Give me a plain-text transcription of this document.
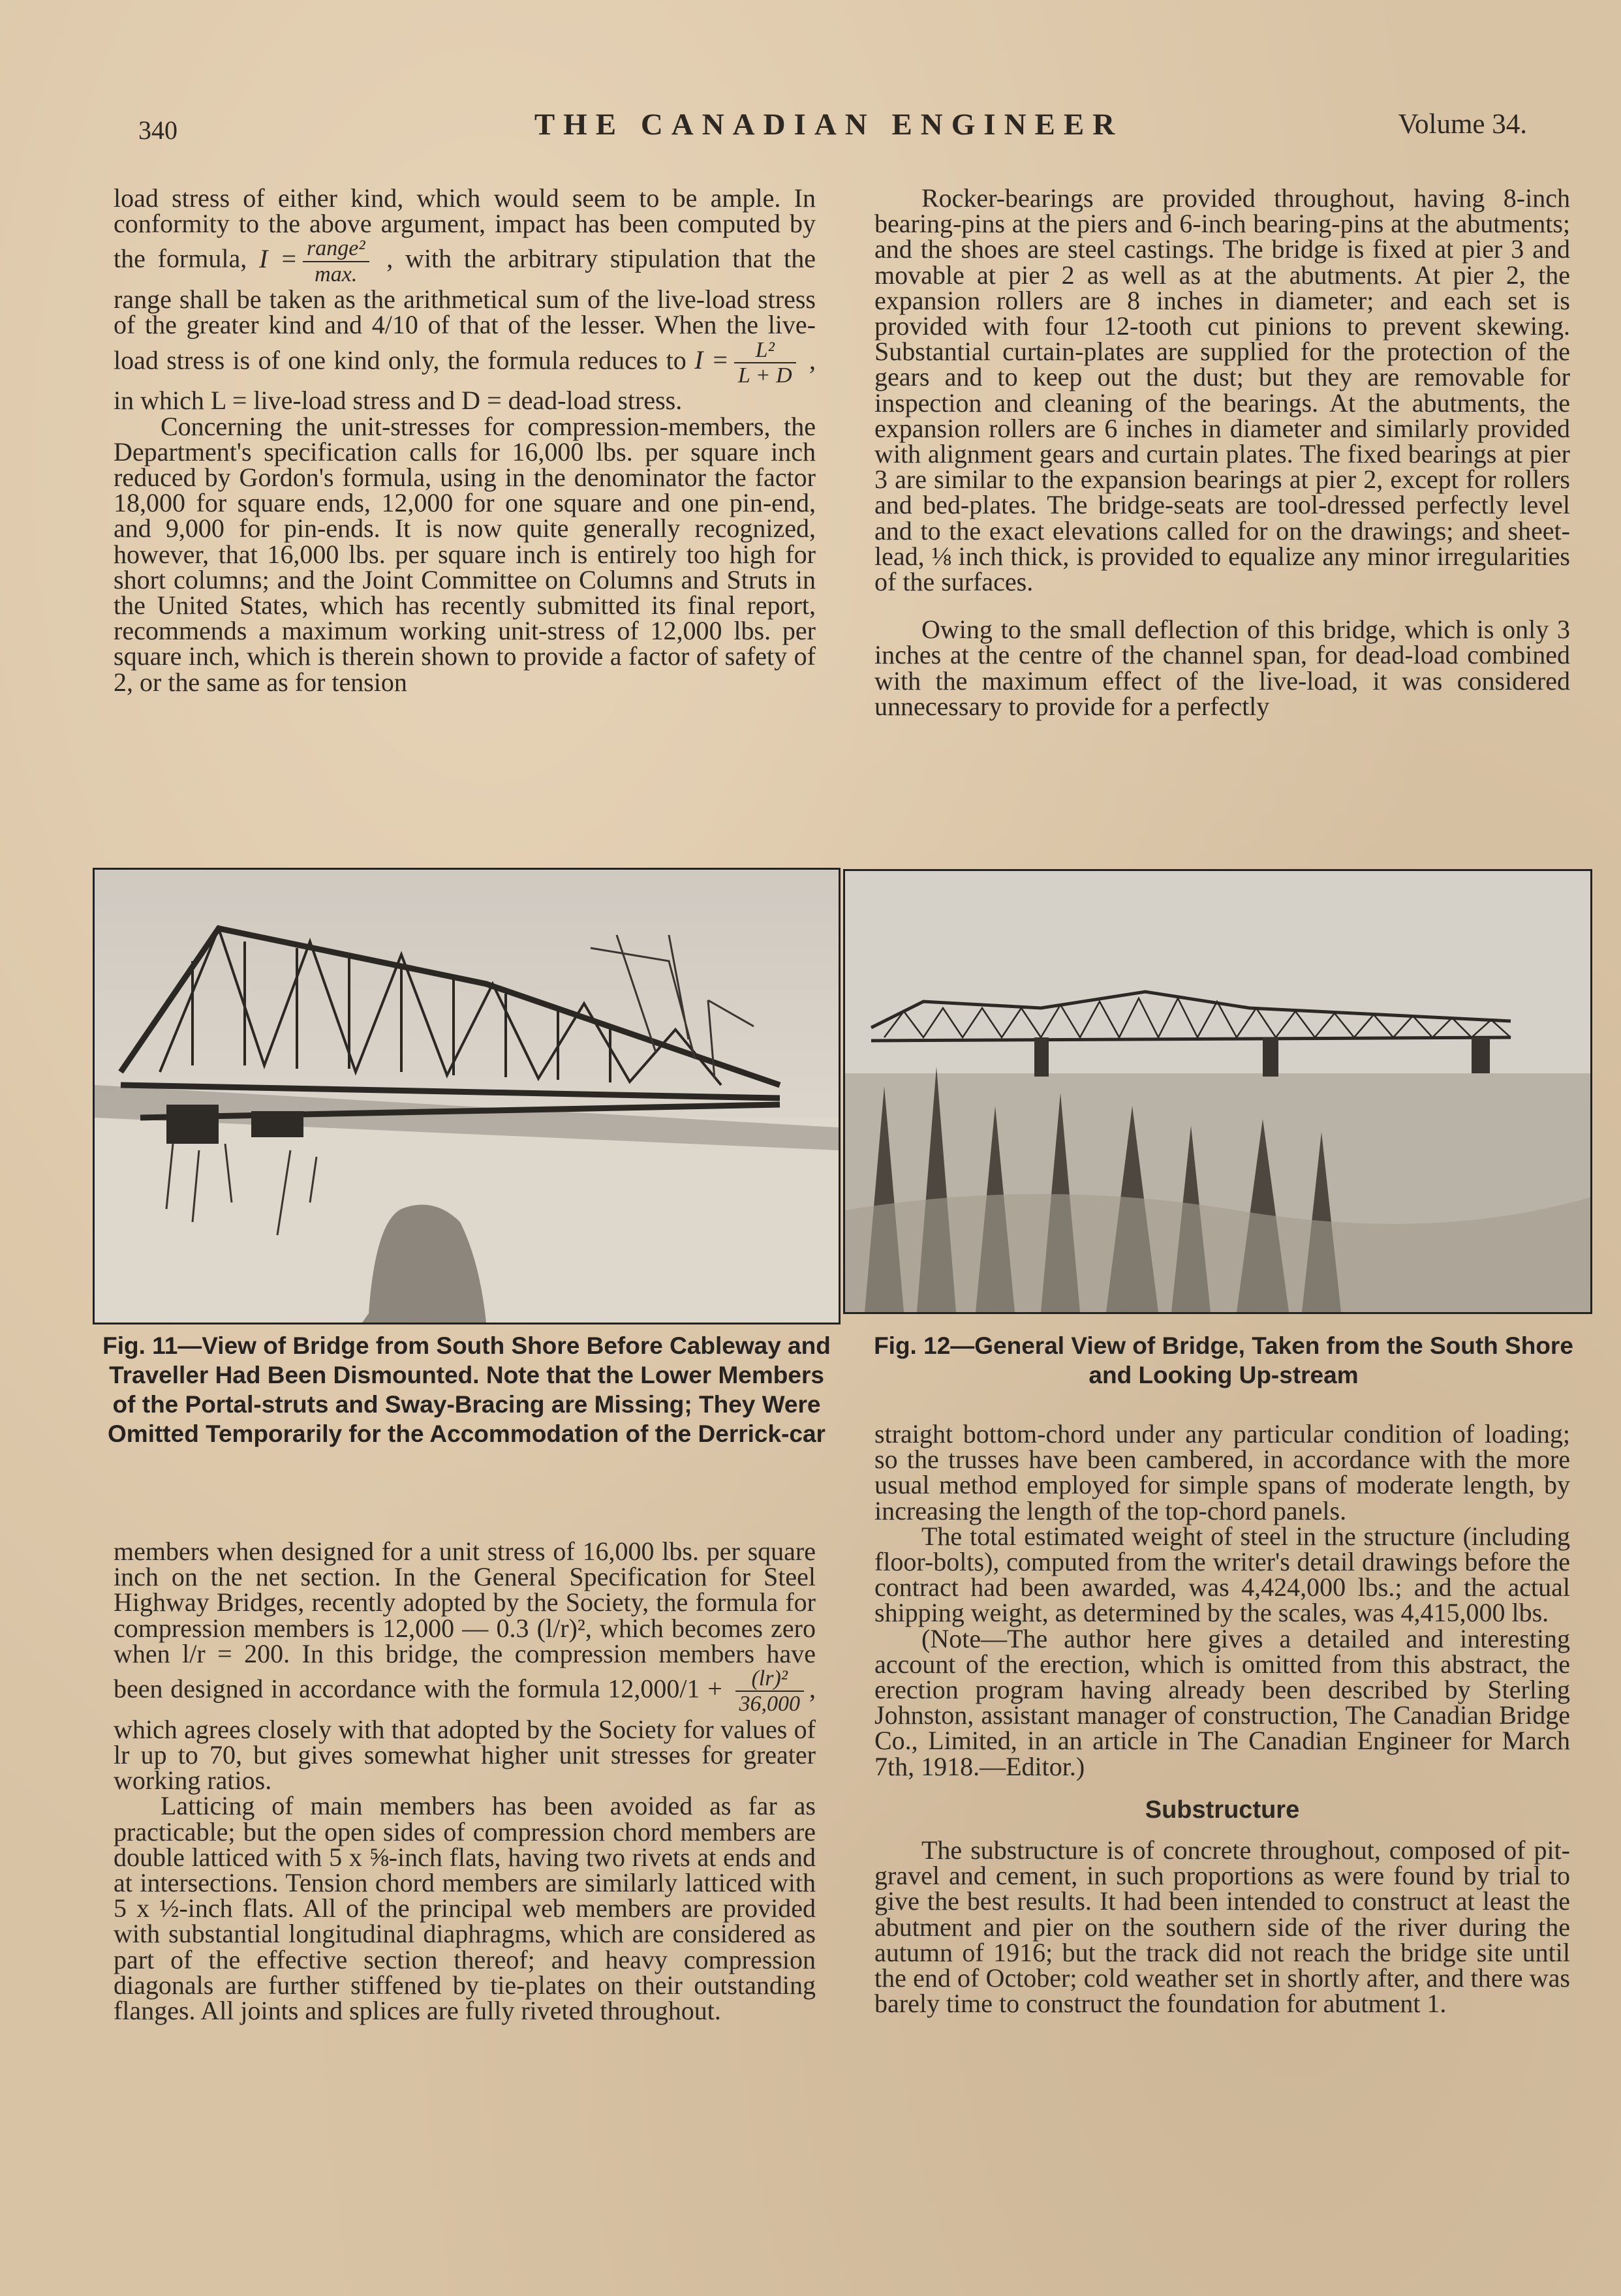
340	THE CANADIAN ENGINEER	Volume 34.

load stress of either kind, which would seem to be ample. In conformity to the above argument, impact has been computed by the formula, $I = \frac{\text{range²}}{\max.}$ , with the arbitrary stipulation that the range shall be taken as the arithmetical sum of the live-load stress of the greater kind and 4/10 of that of the lesser. When the live-load stress is of one kind only, the formula reduces to $I = \frac{\text{L²}}{L + D}$ , in which L = live-load stress and D = dead-load stress.

Concerning the unit-stresses for compression-members, the Department's specification calls for 16,000 lbs. per square inch reduced by Gordon's formula, using in the denominator the factor 18,000 for square ends, 12,000 for one square and one pin-end, and 9,000 for pin-ends. It is now quite generally recognized, however, that 16,000 lbs. per square inch is entirely too high for short columns; and the Joint Committee on Columns and Struts in the United States, which has recently submitted its final report, recommends a maximum working unit-stress of 12,000 lbs. per square inch, which is therein shown to provide a factor of safety of 2, or the same as for tension

Rocker-bearings are provided throughout, having 8-inch bearing-pins at the piers and 6-inch bearing-pins at the abutments; and the shoes are steel castings. The bridge is fixed at pier 3 and movable at pier 2 as well as at the abutments. At pier 2, the expansion rollers are 8 inches in diameter; and each set is provided with four 12-tooth cut pinions to prevent skewing. Substantial curtain-plates are supplied for the protection of the gears and to keep out the dust; but they are removable for inspection and cleaning of the bearings. At the abutments, the expansion rollers are 6 inches in diameter and similarly provided with alignment gears and curtain plates. The fixed bearings at pier 3 are similar to the expansion bearings at pier 2, except for rollers and bed-plates. The bridge-seats are tool-dressed perfectly level and to the exact elevations called for on the drawings; and sheet-lead, ⅛ inch thick, is provided to equalize any minor irregularities of the surfaces.

Owing to the small deflection of this bridge, which is only 3 inches at the centre of the channel span, for dead-load combined with the maximum effect of the live-load, it was considered unnecessary to provide for a perfectly

Fig. 11—View of Bridge from South Shore Before Cableway and Traveller Had Been Dismounted. Note that the Lower Members of the Portal-struts and Sway-Bracing are Missing; They Were Omitted Temporarily for the Accommodation of the Derrick-car
Fig. 12—General View of Bridge, Taken from the South Shore and Looking Up-stream

members when designed for a unit stress of 16,000 lbs. per square inch on the net section. In the General Specification for Steel Highway Bridges, recently adopted by the Society, the formula for compression members is 12,000 — 0.3 (l/r)², which becomes zero when l/r = 200. In this bridge, the compression members have been designed in accordance with the formula $12,000/1 + \frac{\text{(lr)²}}{36,000}$ , which agrees closely with that adopted by the Society for values of lr up to 70, but gives somewhat higher unit stresses for greater working ratios.

Latticing of main members has been avoided as far as practicable; but the open sides of compression chord members are double latticed with 5 x ⅝-inch flats, having two rivets at ends and at intersections. Tension chord members are similarly latticed with 5 x ½-inch flats. All of the principal web members are provided with substantial longitudinal diaphragms, which are considered as part of the effective section thereof; and heavy compression diagonals are further stiffened by tie-plates on their outstanding flanges. All joints and splices are fully riveted throughout.

straight bottom-chord under any particular condition of loading; so the trusses have been cambered, in accordance with the more usual method employed for simple spans of moderate length, by increasing the length of the top-chord panels.

The total estimated weight of steel in the structure (including floor-bolts), computed from the writer's detail drawings before the contract had been awarded, was 4,424,000 lbs.; and the actual shipping weight, as determined by the scales, was 4,415,000 lbs.

(Note—The author here gives a detailed and interesting account of the erection, which is omitted from this abstract, the erection program having already been described by Sterling Johnston, assistant manager of construction, The Canadian Bridge Co., Limited, in an article in The Canadian Engineer for March 7th, 1918.—Editor.)

Substructure

The substructure is of concrete throughout, composed of pit-gravel and cement, in such proportions as were found by trial to give the best results. It had been intended to construct at least the abutment and pier on the southern side of the river during the autumn of 1916; but the track did not reach the bridge site until the end of October; cold weather set in shortly after, and there was barely time to construct the foundation for abutment 1.
